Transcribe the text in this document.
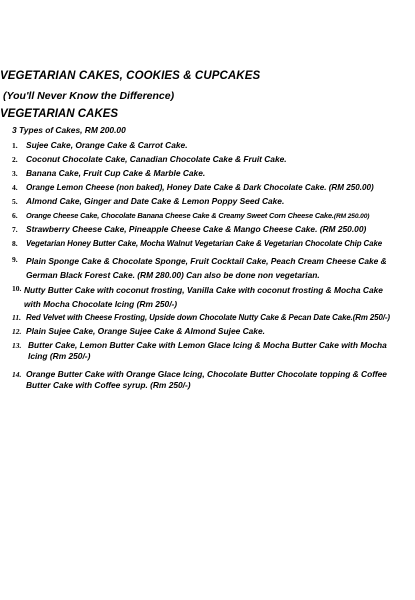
VEGETARIAN CAKES, COOKIES & CUPCAKES
(You'll Never Know the Difference)
VEGETARIAN CAKES
3 Types of Cakes, RM 200.00
1. Sujee Cake, Orange Cake & Carrot Cake.
2. Coconut Chocolate Cake, Canadian Chocolate Cake & Fruit Cake.
3. Banana Cake, Fruit Cup Cake & Marble Cake.
4. Orange Lemon Cheese (non baked), Honey Date Cake & Dark Chocolate Cake. (RM 250.00)
5. Almond Cake, Ginger and Date Cake & Lemon Poppy Seed Cake.
6. Orange Cheese Cake, Chocolate Banana Cheese Cake & Creamy Sweet Corn Cheese Cake.(RM 250.00)
7. Strawberry Cheese Cake, Pineapple Cheese Cake & Mango Cheese Cake. (RM 250.00)
8. Vegetarian Honey Butter Cake, Mocha Walnut Vegetarian Cake & Vegetarian Chocolate Chip Cake
9. Plain Sponge Cake & Chocolate Sponge, Fruit Cocktail Cake, Peach Cream Cheese Cake & German Black Forest Cake. (RM 280.00) Can also be done non vegetarian.
10. Nutty Butter Cake with coconut frosting, Vanilla Cake with coconut frosting & Mocha Cake with Mocha Chocolate Icing (Rm 250/-)
11. Red Velvet with Cheese Frosting, Upside down Chocolate Nutty Cake & Pecan Date Cake.(Rm 250/-)
12. Plain Sujee Cake, Orange Sujee Cake & Almond Sujee Cake.
13. Butter Cake, Lemon Butter Cake with Lemon Glace Icing & Mocha Butter Cake with Mocha Icing (Rm 250/-)
14. Orange Butter Cake with Orange Glace Icing, Chocolate Butter Chocolate topping & Coffee Butter Cake with Coffee syrup. (Rm 250/-)
